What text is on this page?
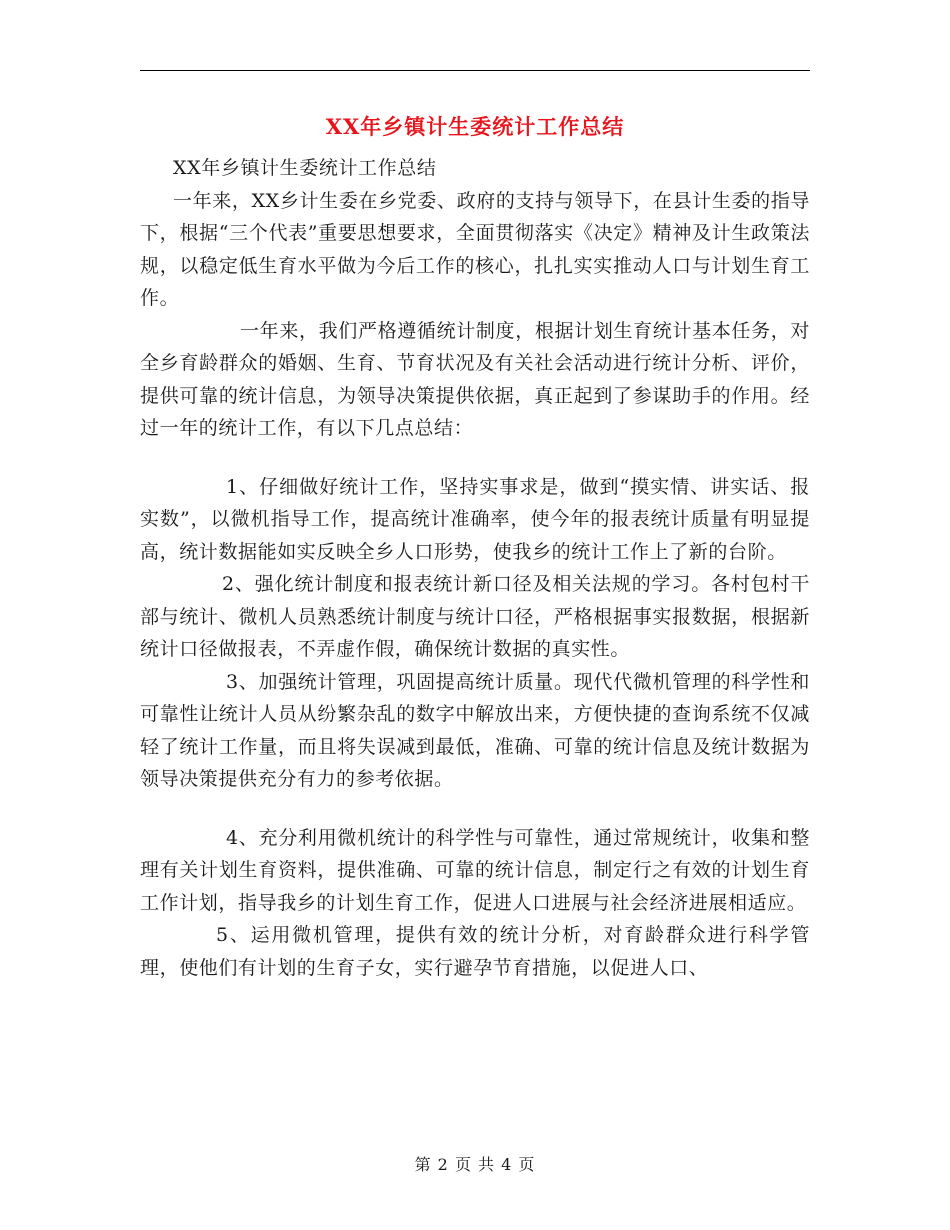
XX年乡镇计生委统计工作总结

XX年乡镇计生委统计工作总结

一年来，XX乡计生委在乡党委、政府的支持与领导下，在县计生委的指导下，根据“三个代表”重要思想要求，全面贯彻落实《决定》精神及计生政策法规，以稳定低生育水平做为今后工作的核心，扎扎实实推动人口与计划生育工作。

一年来，我们严格遵循统计制度，根据计划生育统计基本任务，对全乡育龄群众的婚姻、生育、节育状况及有关社会活动进行统计分析、评价，提供可靠的统计信息，为领导决策提供依据，真正起到了参谋助手的作用。经过一年的统计工作，有以下几点总结：

1、仔细做好统计工作，坚持实事求是，做到“摸实情、讲实话、报实数”，以微机指导工作，提高统计准确率，使今年的报表统计质量有明显提高，统计数据能如实反映全乡人口形势，使我乡的统计工作上了新的台阶。

2、强化统计制度和报表统计新口径及相关法规的学习。各村包村干部与统计、微机人员熟悉统计制度与统计口径，严格根据事实报数据，根据新统计口径做报表，不弄虚作假，确保统计数据的真实性。

3、加强统计管理，巩固提高统计质量。现代代微机管理的科学性和可靠性让统计人员从纷繁杂乱的数字中解放出来，方便快捷的查询系统不仅减轻了统计工作量，而且将失误减到最低，准确、可靠的统计信息及统计数据为领导决策提供充分有力的参考依据。

4、充分利用微机统计的科学性与可靠性，通过常规统计，收集和整理有关计划生育资料，提供准确、可靠的统计信息，制定行之有效的计划生育工作计划，指导我乡的计划生育工作，促进人口进展与社会经济进展相适应。

5、运用微机管理，提供有效的统计分析，对育龄群众进行科学管理，使他们有计划的生育子女，实行避孕节育措施，以促进人口、

第 2 页 共 4 页
